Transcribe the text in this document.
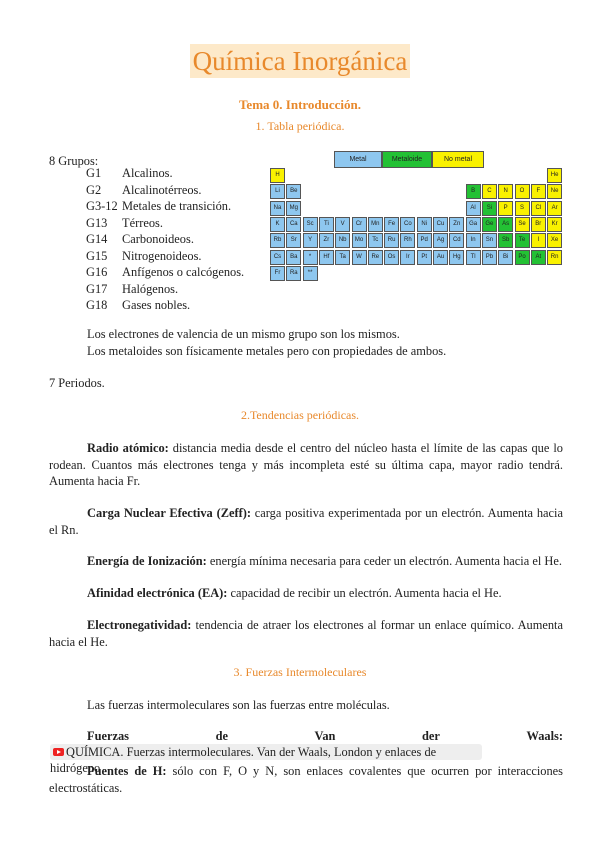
Química Inorgánica
Tema 0. Introducción.
1. Tabla periódica.
8 Grupos:
G1 Alcalinos.
G2 Alcalinotérreos.
G3-12 Metales de transición.
G13 Térreos.
G14 Carbonoideos.
G15 Nitrogenoideos.
G16 Anfígenos o calcógenos.
G17 Halógenos.
G18 Gases nobles.
Metal	Metaloide	No metal
H	He
Li	Be	B	C	N	O	F	Ne
Na	Mg	Al	Si	P	S	Cl	Ar
K	Ca	Sc	Ti	V	Cr	Mn	Fe	Co	Ni	Cu	Zn	Ga	Ge	As	Se	Br	Kr
Rb	Sr	Y	Zr	Nb	Mo	Tc	Ru	Rh	Pd	Ag	Cd	In	Sn	Sb	Te	I	Xe
Cs	Ba	*	Hf	Ta	W	Re	Os	Ir	Pt	Au	Hg	Tl	Pb	Bi	Po	At	Rn
Fr	Ra	**
Los electrones de valencia de un mismo grupo son los mismos.
Los metaloides son físicamente metales pero con propiedades de ambos.
7 Periodos.
2.Tendencias periódicas.
Radio atómico: distancia media desde el centro del núcleo hasta el límite de las capas que lo rodean. Cuantos más electrones tenga y más incompleta esté su última capa, mayor radio tendrá. Aumenta hacia Fr.
Carga Nuclear Efectiva (Zeff): carga positiva experimentada por un electrón. Aumenta hacia el Rn.
Energía de Ionización: energía mínima necesaria para ceder un electrón. Aumenta hacia el He.
Afinidad electrónica (EA): capacidad de recibir un electrón. Aumenta hacia el He.
Electronegatividad: tendencia de atraer los electrones al formar un enlace químico. Aumenta hacia el He.
3. Fuerzas Intermoleculares
Las fuerzas intermoleculares son las fuerzas entre moléculas.
Fuerzas	de	Van	der	Waals:
QUÍMICA. Fuerzas intermoleculares. Van der Waals, London y enlaces de hidrógeno
Puentes de H: sólo con F, O y N, son enlaces covalentes que ocurren por interacciones electrostáticas.
